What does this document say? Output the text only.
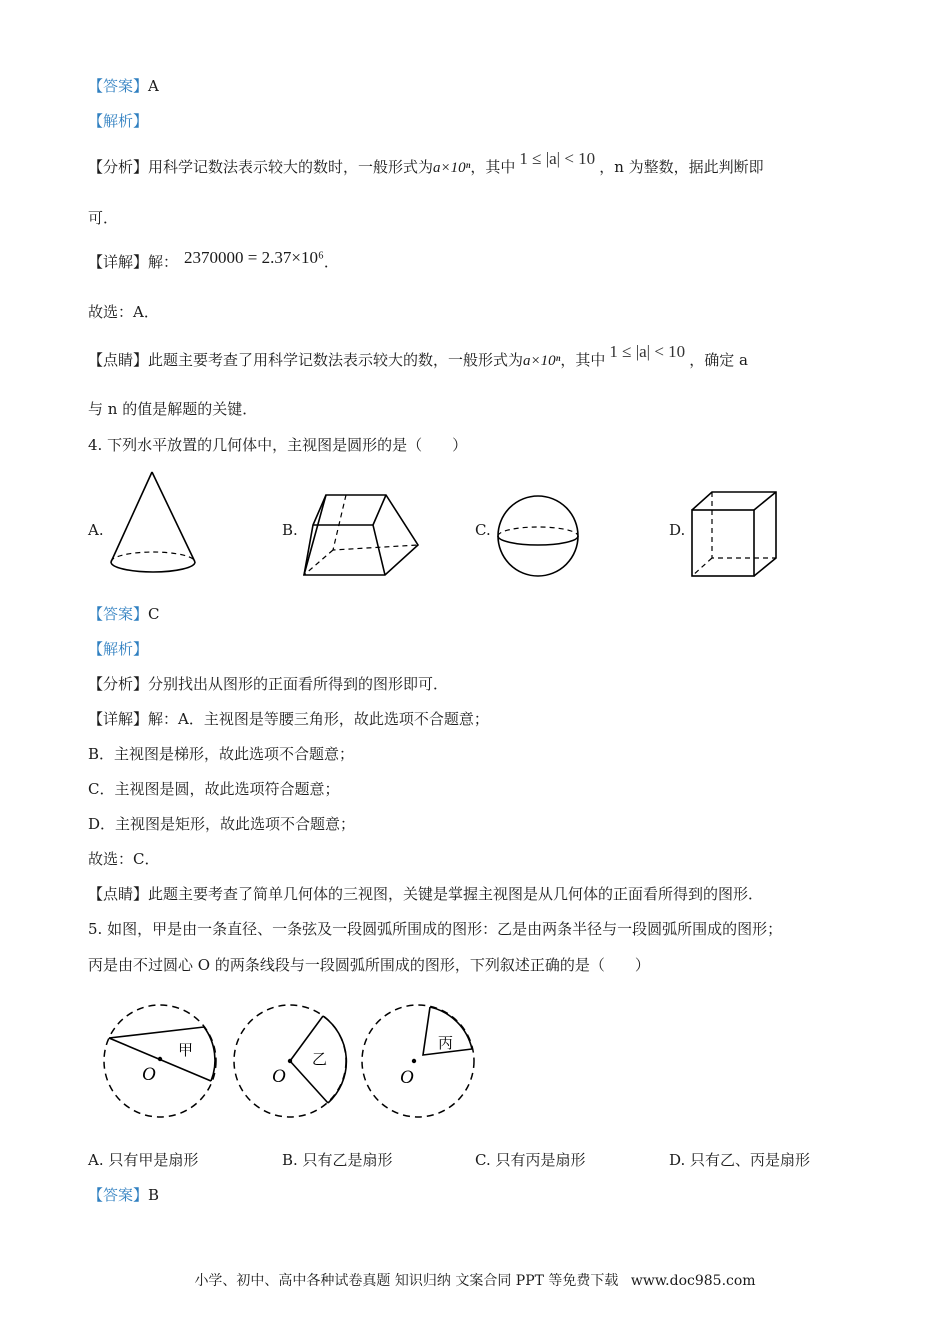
【答案】A
【解析】
【分析】用科学记数法表示较大的数时，一般形式为a×10ⁿ，其中 1 ≤ |a| < 10 ，n 为整数，据此判断即
可．
【详解】解： 2370000 = 2.37×10⁶．
故选：A．
【点睛】此题主要考查了用科学记数法表示较大的数，一般形式为a×10ⁿ，其中 1 ≤ |a| < 10 ，确定 a
与 n 的值是解题的关键．
4. 下列水平放置的几何体中，主视图是圆形的是（　　）
A.	B.	C.	D.
【答案】C
【解析】
【分析】分别找出从图形的正面看所得到的图形即可．
【详解】解：A．主视图是等腰三角形，故此选项不合题意；
B．主视图是梯形，故此选项不合题意；
C．主视图是圆，故此选项符合题意；
D．主视图是矩形，故此选项不合题意；
故选：C．
【点睛】此题主要考查了简单几何体的三视图，关键是掌握主视图是从几何体的正面看所得到的图形．
5. 如图，甲是由一条直径、一条弦及一段圆弧所围成的图形：乙是由两条半径与一段圆弧所围成的图形；
丙是由不过圆心 O 的两条线段与一段圆弧所围成的图形，下列叙述正确的是（　　）
甲
O
乙
O
丙
O
A. 只有甲是扇形	B. 只有乙是扇形	C. 只有丙是扇形	D. 只有乙、丙是扇形
【答案】B
小学、初中、高中各种试卷真题 知识归纳 文案合同 PPT 等免费下载 www.doc985.com
